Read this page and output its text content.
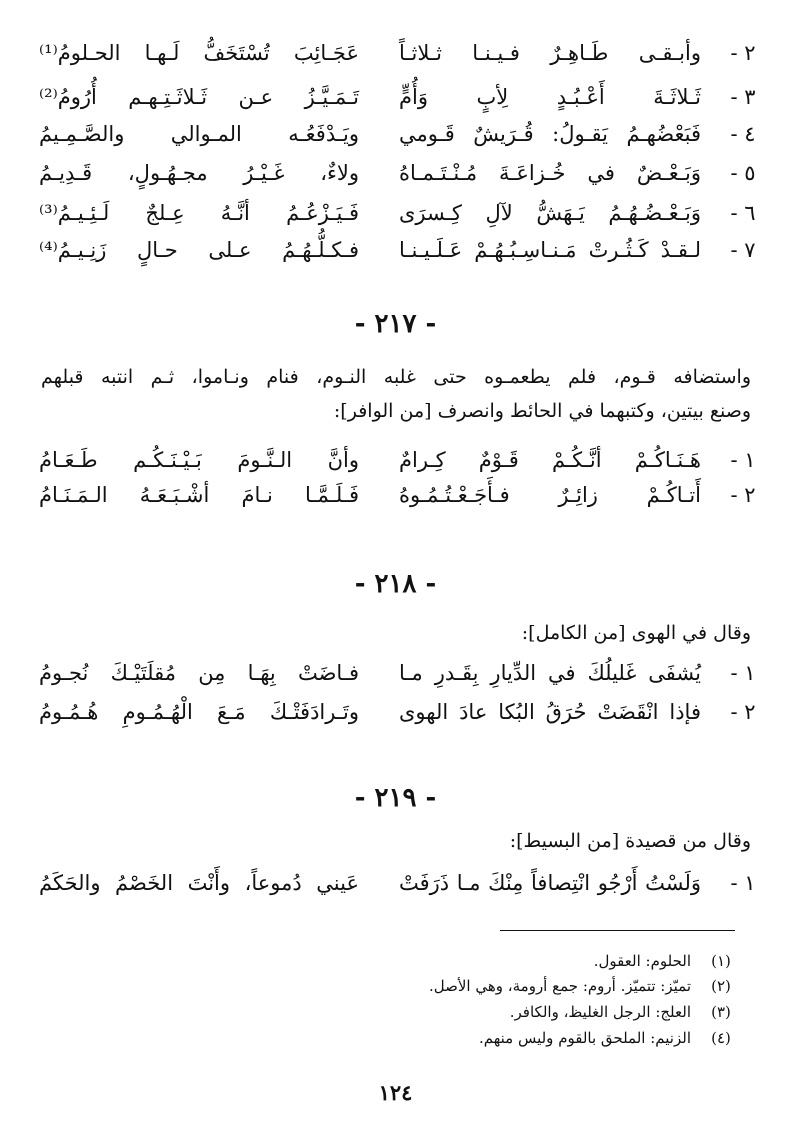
٢ -
وأبـقـى طَـاهِـرٌ فـيـنـا ثـلاثـاً
عَجَـائِبَ تُسْتَخَفُّ لَـهـا الحـلومُ⁽¹⁾
٣ -
ثَـلاثَـةَ أَعْـبُـدٍ لِأبٍ وَأُمٍّ
تَـمَـيَّـزُ عـن ثَـلاثَـتِـهـم أُرُومُ⁽²⁾
٤ -
فَبَعْضُهـمُ يَقـولُ: قُـرَيشٌ قَـومي
ويَـدْفَعُـه المـوالي والصَّـمِـيمُ
٥ -
وَبَـعْـضٌ في خُـزاعَـةَ مُـنْـتَـمـاهُ
ولاءٌ، غَـيْـرُ مجـهُـولٍ، قَـدِيـمُ
٦ -
وَبَـعْـضُـهُـمُ يَـهَشُّ لآلِ كِـسرَى
فَـيَـزْعُـمُ أنَّـهُ عِـلجٌ لَـئِـيـمُ⁽³⁾
٧ -
لـقـدْ كَـثُـرتْ مَـنـاسِـبُـهُـمْ عَـلَـيـنـا
فـكـلُّـهُـمُ عـلى حـالٍ زَنِـيـمُ⁽⁴⁾
- ٢١٧ -
واستضافه قـوم، فلم يطعمـوه حتى غلبه النـوم، فنام ونـاموا، ثـم انتبه قبلهم
وصنع بيتين، وكتبهما في الحائط وانصرف [من الوافر]:
١ -
هَـنَـاكُـمْ أنَّـكُـمْ قَـوْمٌ كِـرامٌ
وأنَّ الـنَّـومَ بَـيْـنَـكُـم طَـعَـامُ
٢ -
أَتـاكُـمْ زائِـرٌ فـأَجَـعْـتُـمُـوهُ
فَـلَـمَّـا نـامَ أشْـبَـعَـهُ الـمَـنَـامُ
- ٢١٨ -
وقال في الهوى [من الكامل]:
١ -
يُشفَى غَليلُكَ في الدِّيارِ بِقَـدرِ مـا
فـاضَتْ بِهَـا مِن مُقلَتَيْـكَ نُجـومُ
٢ -
فإذا انْقَضَتْ حُرَقُ البُكا عادَ الهوى
وتَـرادَفَتْـكَ مَـعَ الْهُـمُـومِ هُـمُـومُ
- ٢١٩ -
وقال من قصيدة [من البسيط]:
١ -
وَلَسْتُ أَرْجُو انْتِصافاً مِنْكَ مـا ذَرَفَتْ
عَيني دُموعاً، وأَنْتَ الخَصْمُ والحَكَمُ
(١)
الحلوم: العقول.
(٢)
تميّز: تتميّز. أروم: جمع أرومة، وهي الأصل.
(٣)
العلج: الرجل الغليظ، والكافر.
(٤)
الزنيم: الملحق بالقوم وليس منهم.
١٢٤
